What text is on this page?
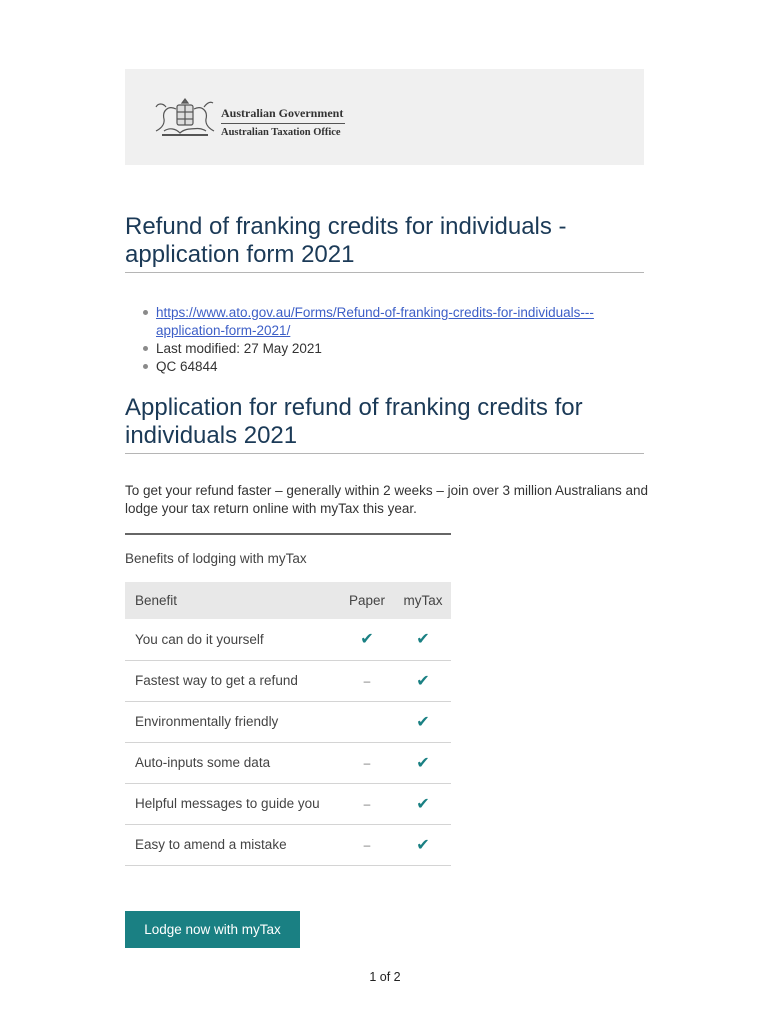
Australian Government
Australian Taxation Office
Refund of franking credits for individuals - application form 2021
https://www.ato.gov.au/Forms/Refund-of-franking-credits-for-individuals---application-form-2021/
Last modified: 27 May 2021
QC 64844
Application for refund of franking credits for individuals 2021

To get your refund faster – generally within 2 weeks – join over 3 million Australians and lodge your tax return online with myTax this year.

Benefits of lodging with myTax
Benefit	Paper	myTax
You can do it yourself	✔	✔
Fastest way to get a refund	–	✔
Environmentally friendly		✔
Auto-inputs some data	–	✔
Helpful messages to guide you	–	✔
Easy to amend a mistake	–	✔
Lodge now with myTax
1 of 2
